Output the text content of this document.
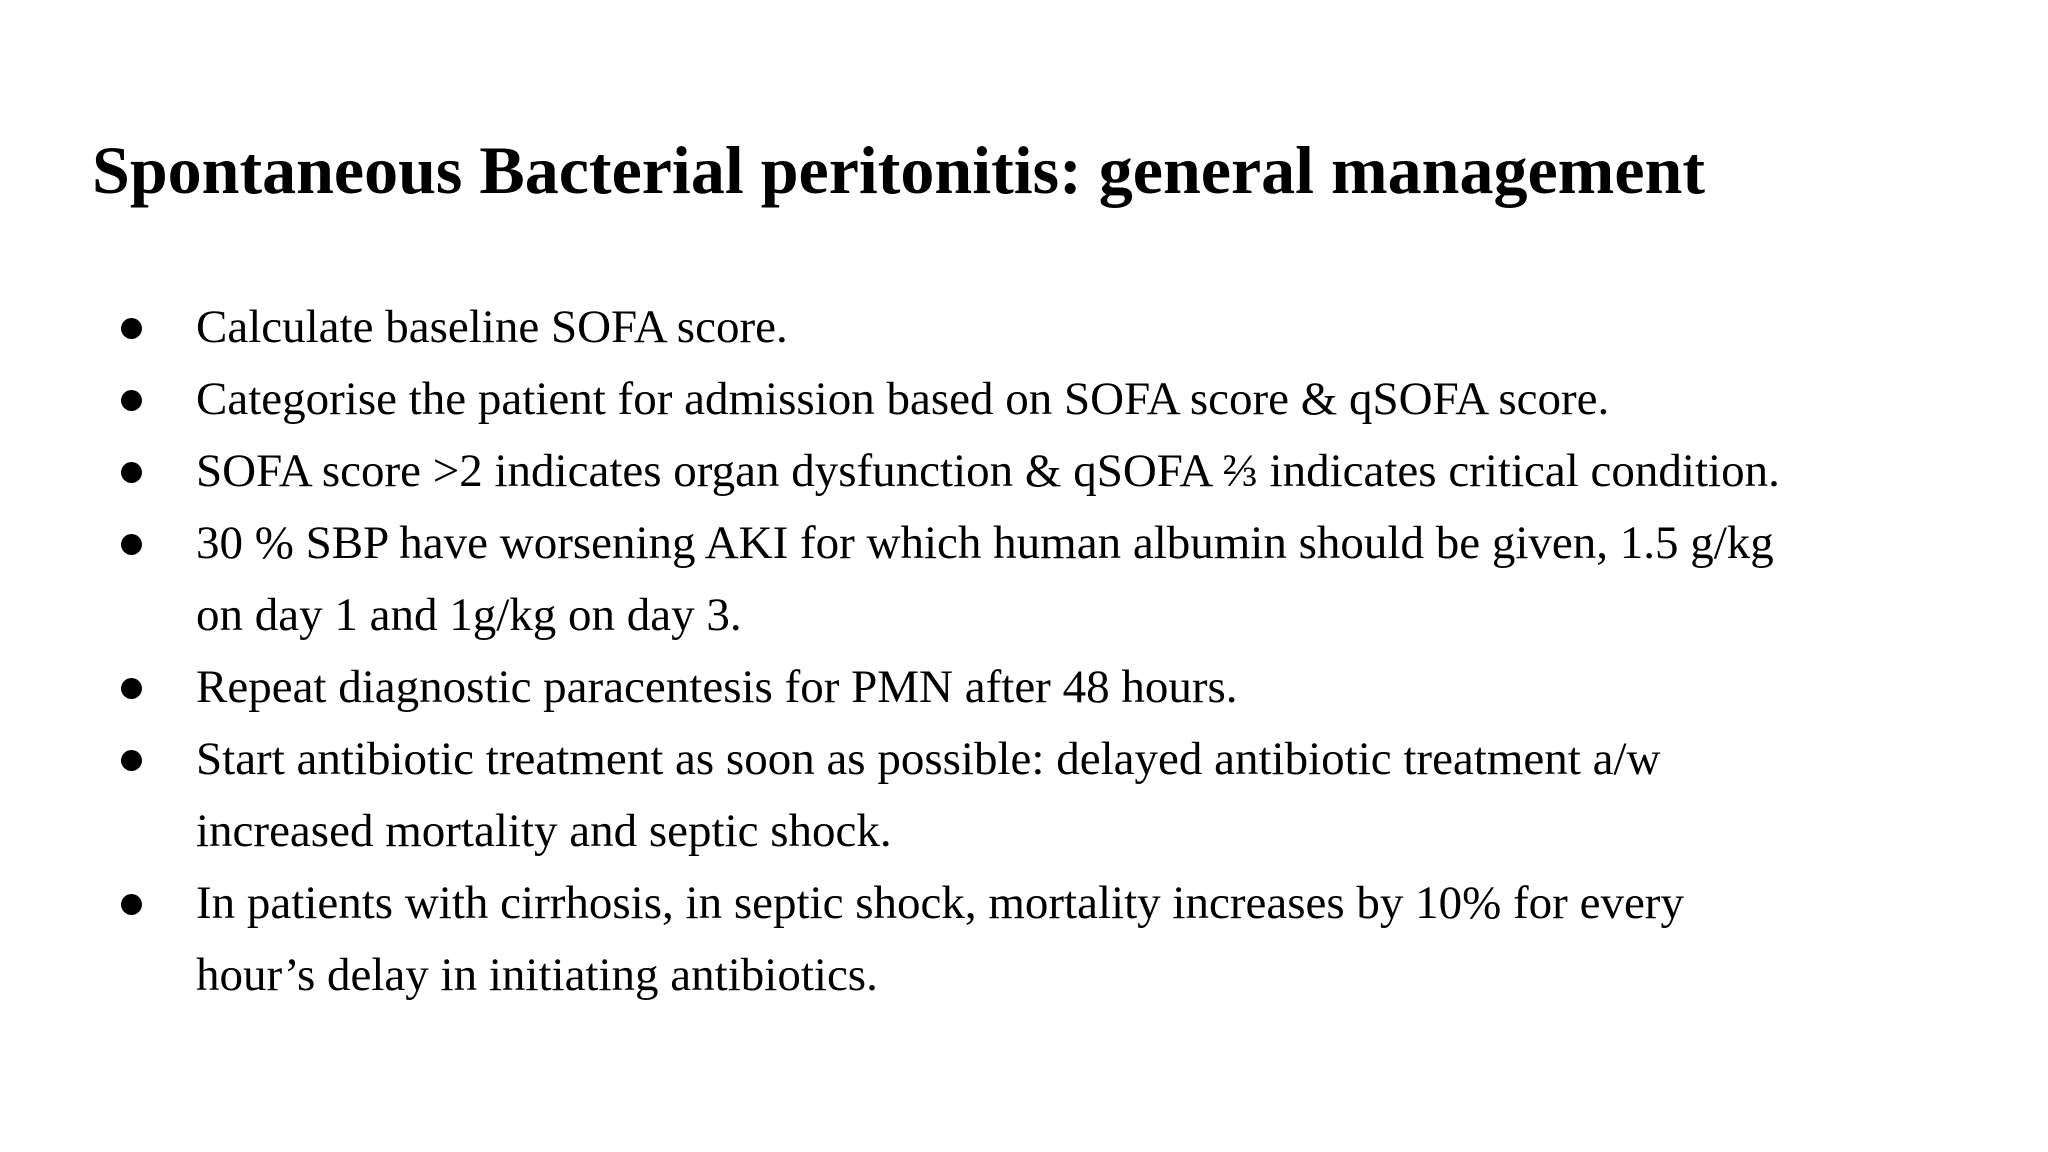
Spontaneous Bacterial peritonitis: general management
Calculate baseline SOFA score.
Categorise the patient for admission based on SOFA score & qSOFA score.
SOFA score >2 indicates organ dysfunction & qSOFA ⅔ indicates critical condition.
30 % SBP have worsening AKI for which human albumin should be given, 1.5 g/kg
on day 1 and 1g/kg on day 3.
Repeat diagnostic paracentesis for PMN after 48 hours.
Start antibiotic treatment as soon as possible: delayed antibiotic treatment a/w
increased mortality and septic shock.
In patients with cirrhosis, in septic shock, mortality increases by 10% for every
hour’s delay in initiating antibiotics.
